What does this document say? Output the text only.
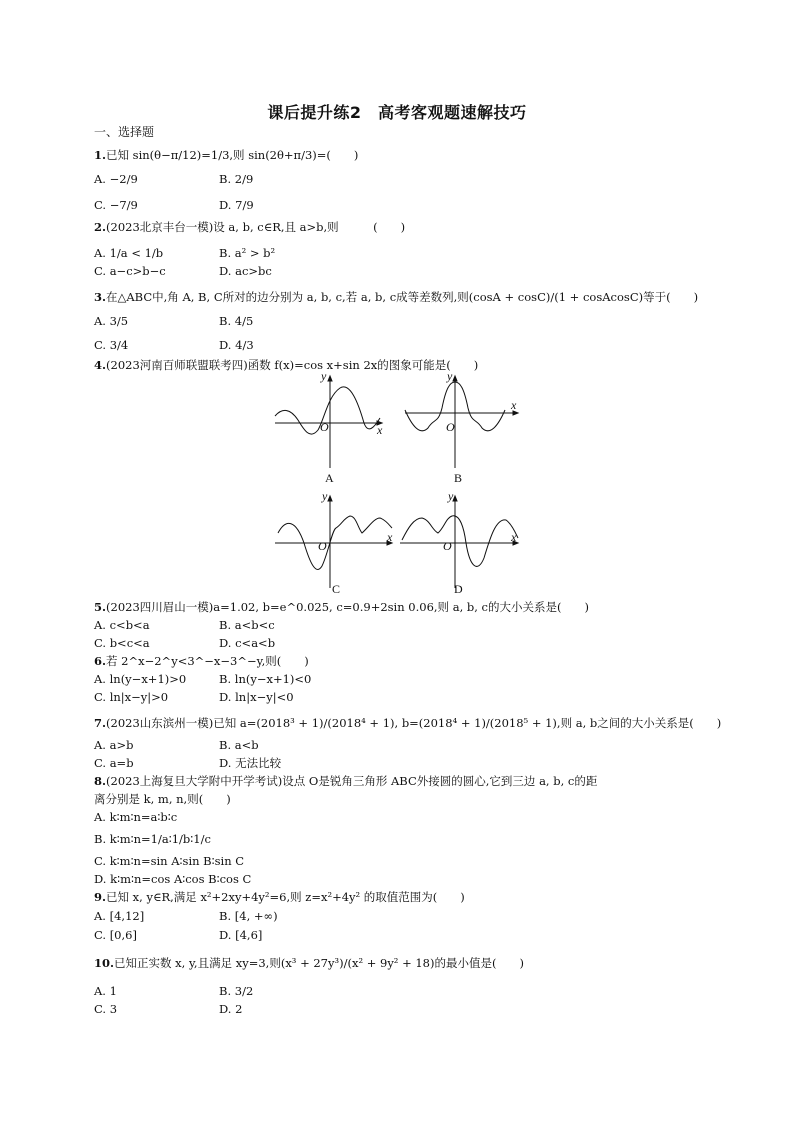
课后提升练2　高考客观题速解技巧
一、选择题
1.已知 sin(θ−π/12)=1/3,则 sin(2θ+π/3)=(　　)
A. −2/9	B. 2/9
C. −7/9	D. 7/9
2.(2023北京丰台一模)设 a, b, c∈R,且 a>b,则　　　(　　)
A. 1/a < 1/b	B. a² > b²
C. a−c>b−c	D. ac>bc
3.在△ABC中,角 A, B, C所对的边分别为 a, b, c,若 a, b, c成等差数列,则(cosA + cosC)/(1 + cosAcosC)等于(　　)
A. 3/5	B. 4/5
C. 3/4	D. 4/3
4.(2023河南百师联盟联考四)函数 f(x)=cos x+sin 2x的图象可能是(　　)
y
O	x
y
O
x
y
O
x
y
O
x
A	B
C	D
5.(2023四川眉山一模)a=1.02, b=e^0.025, c=0.9+2sin 0.06,则 a, b, c的大小关系是(　　)
A. c<b<a	B. a<b<c
C. b<c<a	D. c<a<b
6.若 2^x−2^y<3^−x−3^−y,则(　　)
A. ln(y−x+1)>0	B. ln(y−x+1)<0
C. ln|x−y|>0	D. ln|x−y|<0
7.(2023山东滨州一模)已知 a=(2018³ + 1)/(2018⁴ + 1), b=(2018⁴ + 1)/(2018⁵ + 1),则 a, b之间的大小关系是(　　)
A. a>b	B. a<b
C. a=b	D. 无法比较
8.(2023上海复旦大学附中开学考试)设点 O是锐角三角形 ABC外接圆的圆心,它到三边 a, b, c的距
离分别是 k, m, n,则(　　)
A. k∶m∶n=a∶b∶c
B. k∶m∶n=1/a∶1/b∶1/c
C. k∶m∶n=sin A∶sin B∶sin C
D. k∶m∶n=cos A∶cos B∶cos C
9.已知 x, y∈R,满足 x²+2xy+4y²=6,则 z=x²+4y² 的取值范围为(　　)
A. [4,12]	B. [4, +∞)
C. [0,6]	D. [4,6]
10.已知正实数 x, y,且满足 xy=3,则(x³ + 27y³)/(x² + 9y² + 18)的最小值是(　　)
A. 1	B. 3/2
C. 3	D. 2
